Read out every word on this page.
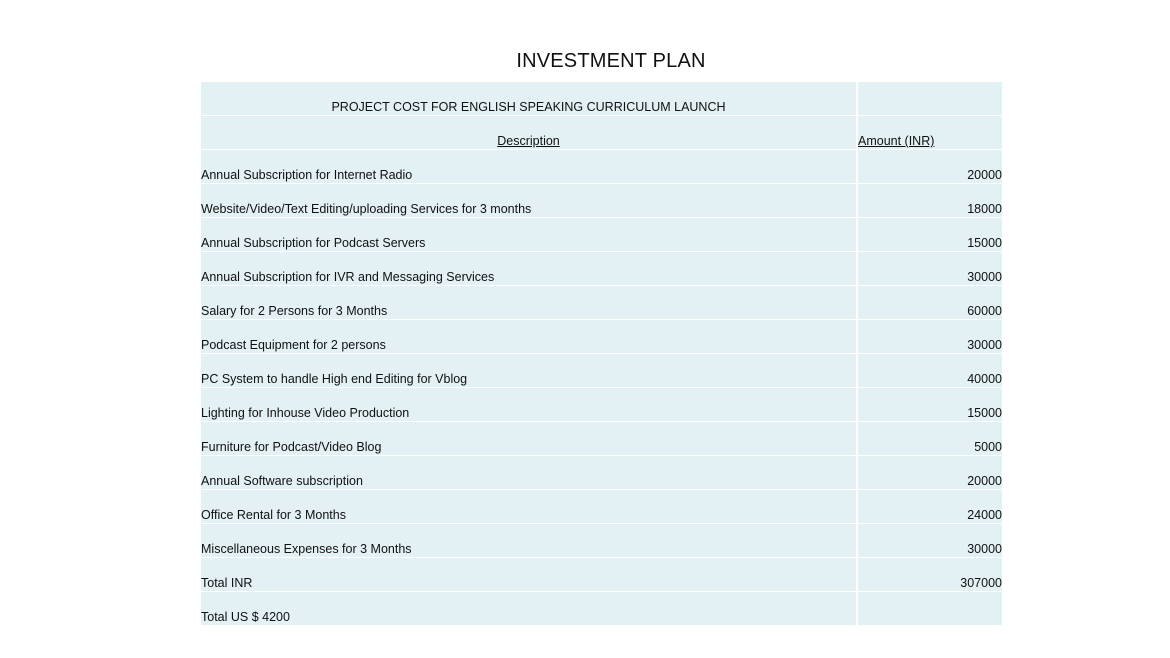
INVESTMENT PLAN
PROJECT COST FOR ENGLISH SPEAKING CURRICULUM LAUNCH	
Description	Amount (INR)
Annual Subscription for Internet Radio	20000
Website/Video/Text Editing/uploading Services for 3 months	18000
Annual Subscription for Podcast Servers	15000
Annual Subscription for IVR and Messaging Services	30000
Salary for 2 Persons for 3 Months	60000
Podcast Equipment for 2 persons	30000
PC System to handle High end Editing for Vblog	40000
Lighting for Inhouse Video Production	15000
Furniture for Podcast/Video Blog	5000
Annual Software subscription	20000
Office Rental for 3 Months	24000
Miscellaneous Expenses for 3 Months	30000
Total INR	307000
Total US $ 4200	
